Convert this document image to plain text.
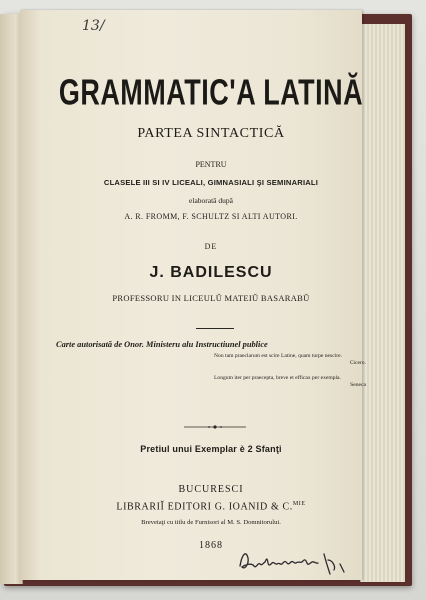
13/
GRAMMATIC'A LATINĂ
PARTEA SINTACTICĂ
PENTRU
CLASELE III SI IV LICEALI, GIMNASIALI ŞI SEMINARIALI
elaborată după
A. R. FROMM, F. SCHULTZ SI ALTI AUTORI.
DE
J. BADILESCU
PROFESSORU IN LICEULŬ MATEIŬ BASARABŬ
Carte autorisată de Onor. Ministeru alu Instructiunel publice
Non tam praeclarum est scire Latine, quam turpe nescire.
Cicero.
Longum iter per praecepta, breve et efficax per exempla.
Seneca
Pretiul unui Exemplar è 2 Sfanţi
BUCURESCI
LIBRARIĬ EDITORI G. IOANID & C.$^{MIE}$
Brevetaţi cu titlu de Furnisori al M. S. Domnitorului.
1868
